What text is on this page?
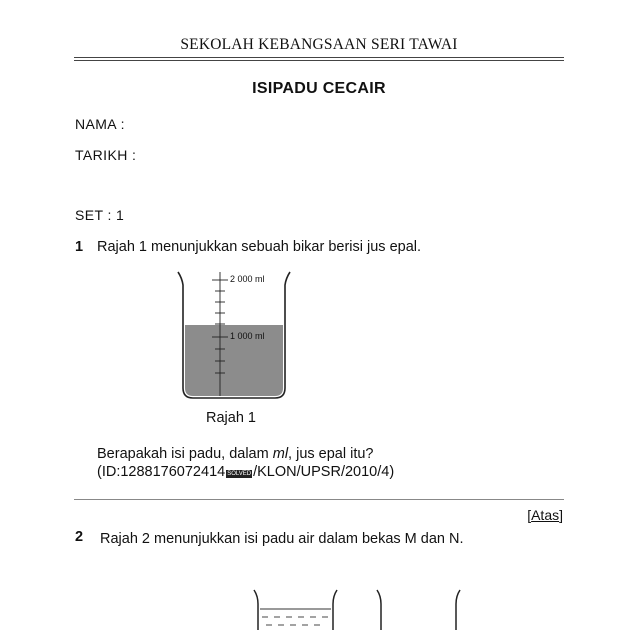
SEKOLAH KEBANGSAAN SERI TAWAI
ISIPADU CECAIR
NAMA :
TARIKH :
SET : 1
1 Rajah 1 menunjukkan sebuah bikar berisi jus epal.
2 000 ml
1 000 ml
Rajah 1
Berapakah isi padu, dalam ml, jus epal itu?
(ID:1288176072414 SOLVED /KLON/UPSR/2010/4)
[Atas]
2 Rajah 2 menunjukkan isi padu air dalam bekas M dan N.
